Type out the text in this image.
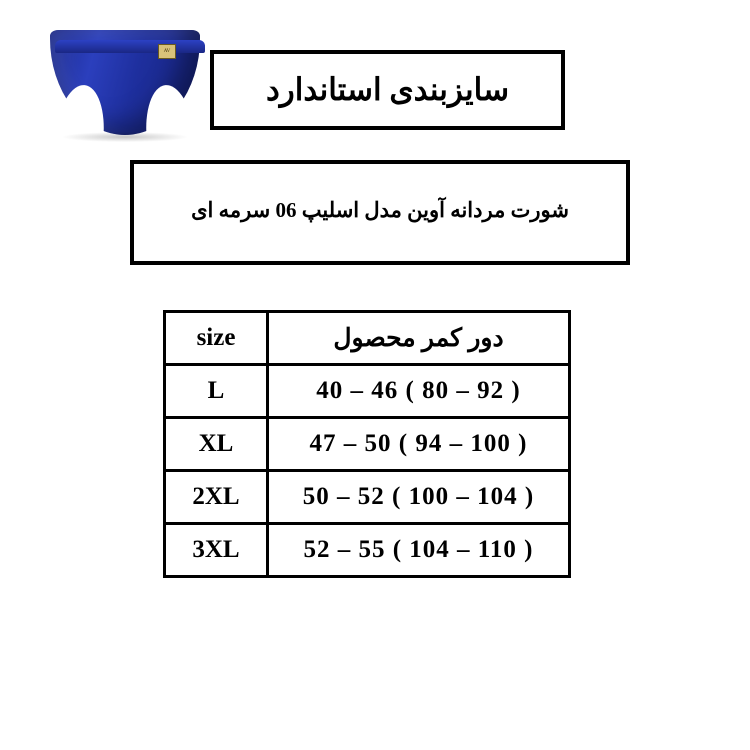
AV
سایزبندی استاندارد
شورت مردانه آوین مدل اسلیپ 06 سرمه ای
size	دور کمر محصول
L	40 – 46 ( 80 – 92 )
XL	47 – 50 ( 94 – 100 )
2XL	50 – 52 ( 100 – 104 )
3XL	52 – 55 ( 104 – 110 )
